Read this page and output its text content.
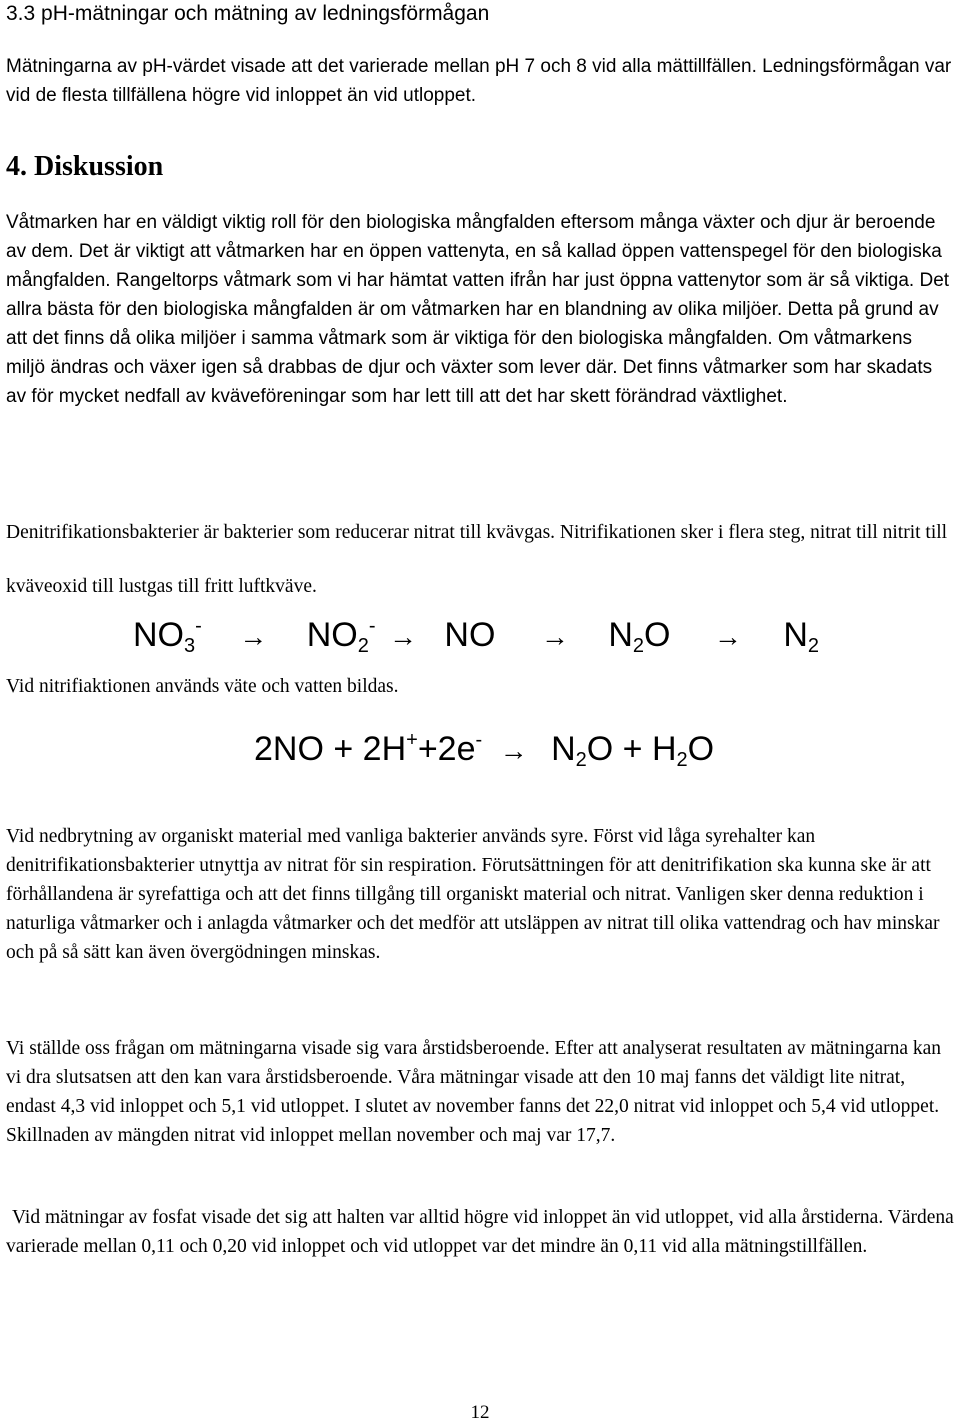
3.3 pH-mätningar och mätning av ledningsförmågan

Mätningarna av pH-värdet visade att det varierade mellan pH 7 och 8 vid alla mättillfällen. Ledningsförmågan var vid de flesta tillfällena högre vid inloppet än vid utloppet.

4. Diskussion

Våtmarken har en väldigt viktig roll för den biologiska mångfalden eftersom många växter och djur är beroende av dem. Det är viktigt att våtmarken har en öppen vattenyta, en så kallad öppen vattenspegel för den biologiska mångfalden. Rangeltorps våtmark som vi har hämtat vatten ifrån har just öppna vattenytor som är så viktiga. Det allra bästa för den biologiska mångfalden är om våtmarken har en blandning av olika miljöer. Detta på grund av att det finns då olika miljöer i samma våtmark som är viktiga för den biologiska mångfalden. Om våtmarkens miljö ändras och växer igen så drabbas de djur och växter som lever där. Det finns våtmarker som har skadats av för mycket nedfall av kväveföreningar som har lett till att det har skett förändrad växtlighet.

Denitrifikationsbakterier är bakterier som reducerar nitrat till kvävgas. Nitrifikationen sker i flera steg, nitrat till nitrit till kväveoxid till lustgas till fritt luftkväve.

$NO_3^- \to NO_2^-$ → NO → $N_2O \to N_2$

Vid nitrifiaktionen används väte och vatten bildas.

$2NO + 2H^++2e^- \to N_2O + H_2O$

Vid nedbrytning av organiskt material med vanliga bakterier används syre. Först vid låga syrehalter kan denitrifikationsbakterier utnyttja av nitrat för sin respiration. Förutsättningen för att denitrifikation ska kunna ske är att förhållandena är syrefattiga och att det finns tillgång till organiskt material och nitrat. Vanligen sker denna reduktion i naturliga våtmarker och i anlagda våtmarker och det medför att utsläppen av nitrat till olika vattendrag och hav minskar och på så sätt kan även övergödningen minskas.

Vi ställde oss frågan om mätningarna visade sig vara årstidsberoende. Efter att analyserat resultaten av mätningarna kan vi dra slutsatsen att den kan vara årstidsberoende. Våra mätningar visade att den 10 maj fanns det väldigt lite nitrat, endast 4,3 vid inloppet och 5,1 vid utloppet. I slutet av november fanns det 22,0 nitrat vid inloppet och 5,4 vid utloppet. Skillnaden av mängden nitrat vid inloppet mellan november och maj var 17,7.

Vid mätningar av fosfat visade det sig att halten var alltid högre vid inloppet än vid utloppet, vid alla årstiderna. Värdena varierade mellan 0,11 och 0,20 vid inloppet och vid utloppet var det mindre än 0,11 vid alla mätningstillfällen.

12
